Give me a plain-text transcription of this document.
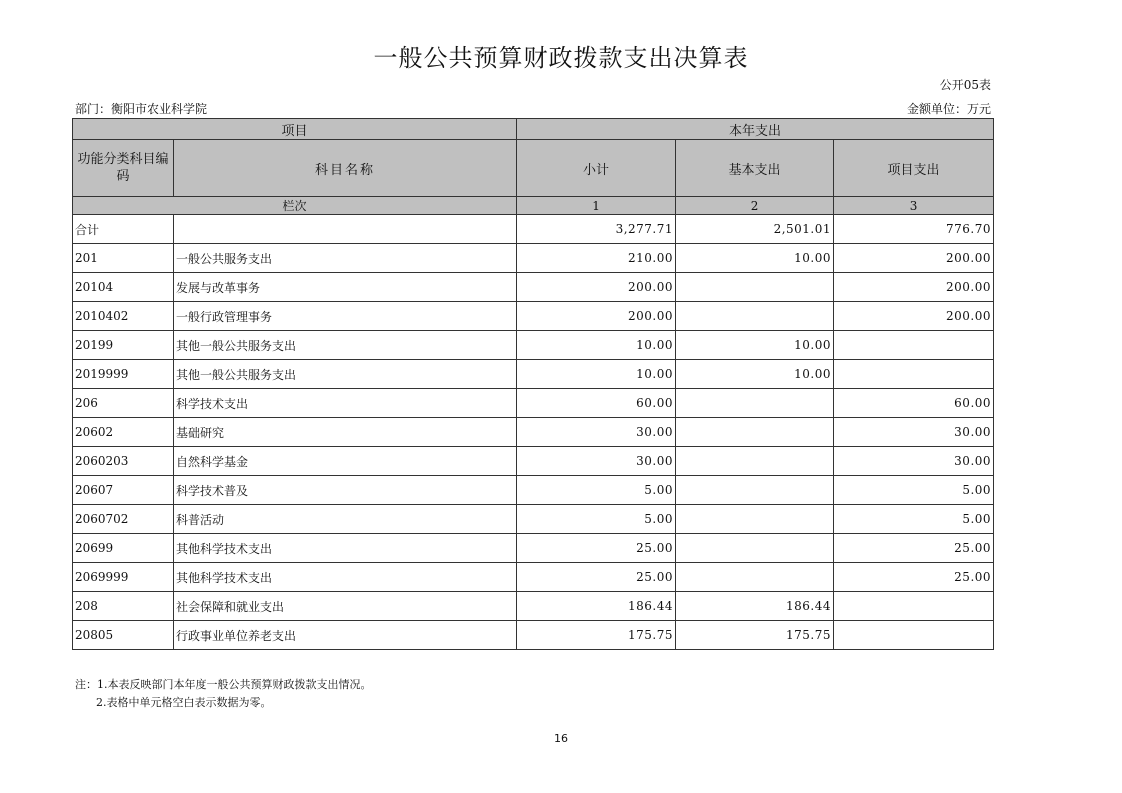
一般公共预算财政拨款支出决算表
公开05表
部门：衡阳市农业科学院	金额单位：万元
项目		本年支出		
功能分类科目编码	科目名称	小计	基本支出	项目支出
栏次		1	2	3
合计		3,277.71	2,501.01	776.70
201	一般公共服务支出	210.00	10.00	200.00
20104	发展与改革事务	200.00		200.00
2010402	一般行政管理事务	200.00		200.00
20199	其他一般公共服务支出	10.00	10.00	
2019999	其他一般公共服务支出	10.00	10.00	
206	科学技术支出	60.00		60.00
20602	基础研究	30.00		30.00
2060203	自然科学基金	30.00		30.00
20607	科学技术普及	5.00		5.00
2060702	科普活动	5.00		5.00
20699	其他科学技术支出	25.00		25.00
2069999	其他科学技术支出	25.00		25.00
208	社会保障和就业支出	186.44	186.44	
20805	行政事业单位养老支出	175.75	175.75	
注：1.本表反映部门本年度一般公共预算财政拨款支出情况。
2.表格中单元格空白表示数据为零。
16
